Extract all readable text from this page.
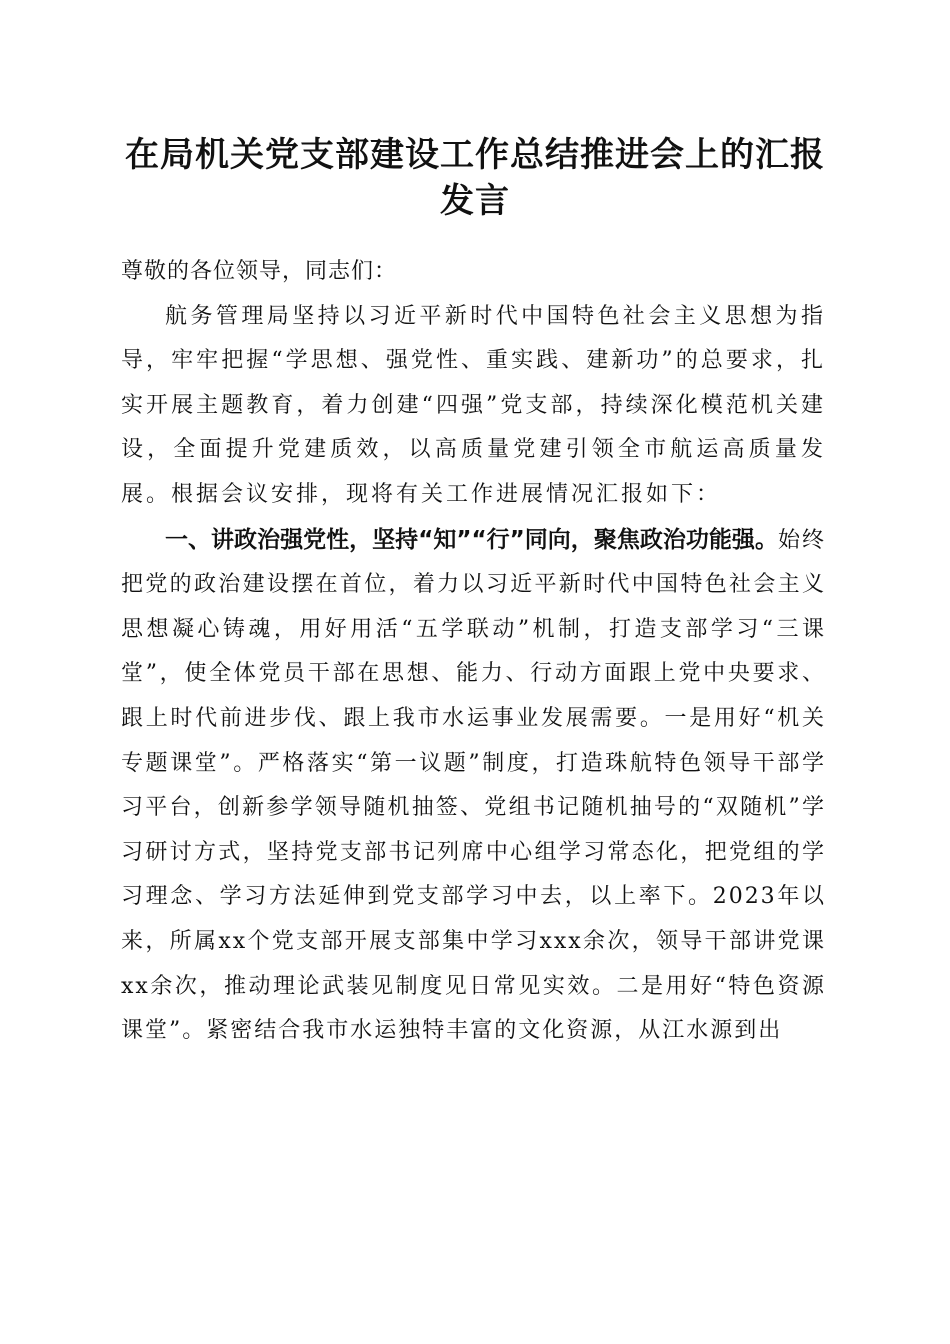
在局机关党支部建设工作总结推进会上的汇报
发言

尊敬的各位领导，同志们：

航务管理局坚持以习近平新时代中国特色社会主义思想为指导，牢牢把握“学思想、强党性、重实践、建新功”的总要求，扎实开展主题教育，着力创建“四强”党支部，持续深化模范机关建设，全面提升党建质效，以高质量党建引领全市航运高质量发展。根据会议安排，现将有关工作进展情况汇报如下：

一、讲政治强党性，坚持“知”“行”同向，聚焦政治功能强。始终把党的政治建设摆在首位，着力以习近平新时代中国特色社会主义思想凝心铸魂，用好用活“五学联动”机制，打造支部学习“三课堂”，使全体党员干部在思想、能力、行动方面跟上党中央要求、跟上时代前进步伐、跟上我市水运事业发展需要。一是用好“机关专题课堂”。严格落实“第一议题”制度，打造珠航特色领导干部学习平台，创新参学领导随机抽签、党组书记随机抽号的“双随机”学习研讨方式，坚持党支部书记列席中心组学习常态化，把党组的学习理念、学习方法延伸到党支部学习中去，以上率下。2023年以来，所属xx个党支部开展支部集中学习xxx余次，领导干部讲党课xx余次，推动理论武装见制度见日常见实效。二是用好“特色资源课堂”。紧密结合我市水运独特丰富的文化资源，从江水源到出
